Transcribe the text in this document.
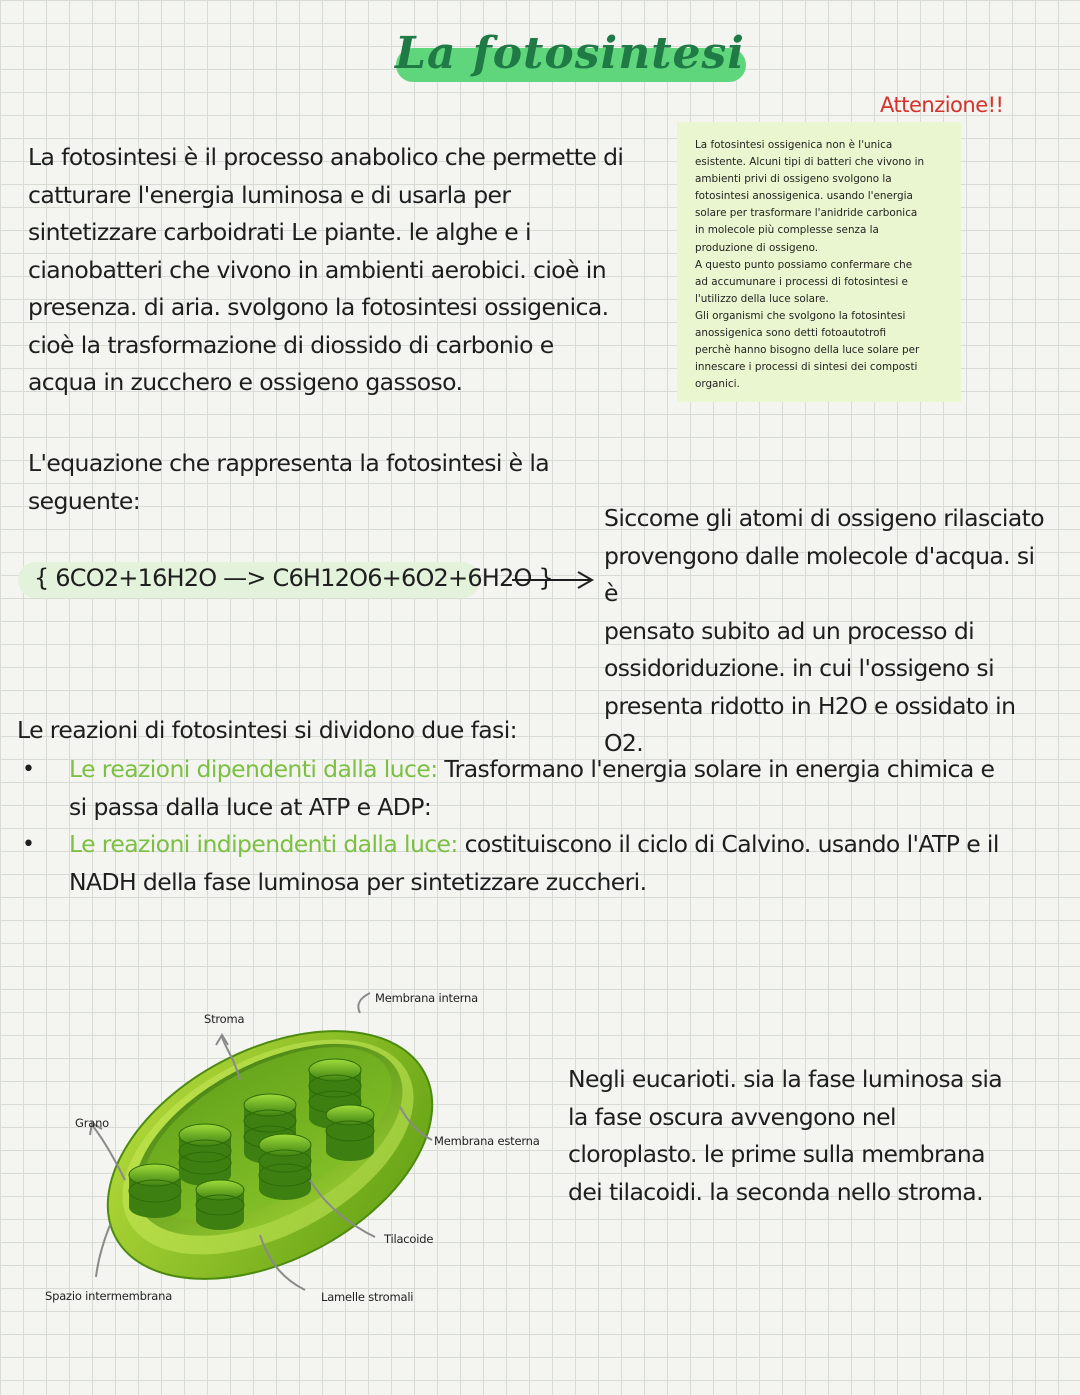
La fotosintesi
Attenzione!!

La fotosintesi ossigenica non è l'unica

esistente. Alcuni tipi di batteri che vivono in

ambienti privi di ossigeno svolgono la

fotosintesi anossigenica. usando l'energia

solare per trasformare l'anidride carbonica

in molecole più complesse senza la

produzione di ossigeno.

A questo punto possiamo confermare che

ad accumunare i processi di fotosintesi e

l'utilizzo della luce solare.

Gli organismi che svolgono la fotosintesi

anossigenica sono detti fotoautotrofi

perchè hanno bisogno della luce solare per

innescare i processi di sintesi dei composti

organici.

La fotosintesi è il processo anabolico che permette di
catturare l'energia luminosa e di usarla per
sintetizzare carboidrati Le piante. le alghe e i
cianobatteri che vivono in ambienti aerobici. cioè in
presenza. di aria. svolgono la fotosintesi ossigenica.
cioè la trasformazione di diossido di carbonio e
acqua in zucchero e ossigeno gassoso.
L'equazione che rappresenta la fotosintesi è la
seguente:
{ 6CO2+16H2O —> C6H12O6+6O2+6H2O }
Siccome gli atomi di ossigeno rilasciato
provengono dalle molecole d'acqua. si è
pensato subito ad un processo di
ossidoriduzione. in cui l'ossigeno si
presenta ridotto in H2O e ossidato in
O2.
Le reazioni di fotosintesi si dividono due fasi:
• Le reazioni dipendenti dalla luce: Trasformano l'energia solare in energia chimica e
si passa dalla luce at ATP e ADP:
• Le reazioni indipendenti dalla luce: costituiscono il ciclo di Calvino. usando l'ATP e il
NADH della fase luminosa per sintetizzare zuccheri.
Membrana interna
Stroma
Grano
Membrana esterna
Tilacoide
Spazio intermembrana	Lamelle stromali
Negli eucarioti. sia la fase luminosa sia
la fase oscura avvengono nel
cloroplasto. le prime sulla membrana
dei tilacoidi. la seconda nello stroma.
